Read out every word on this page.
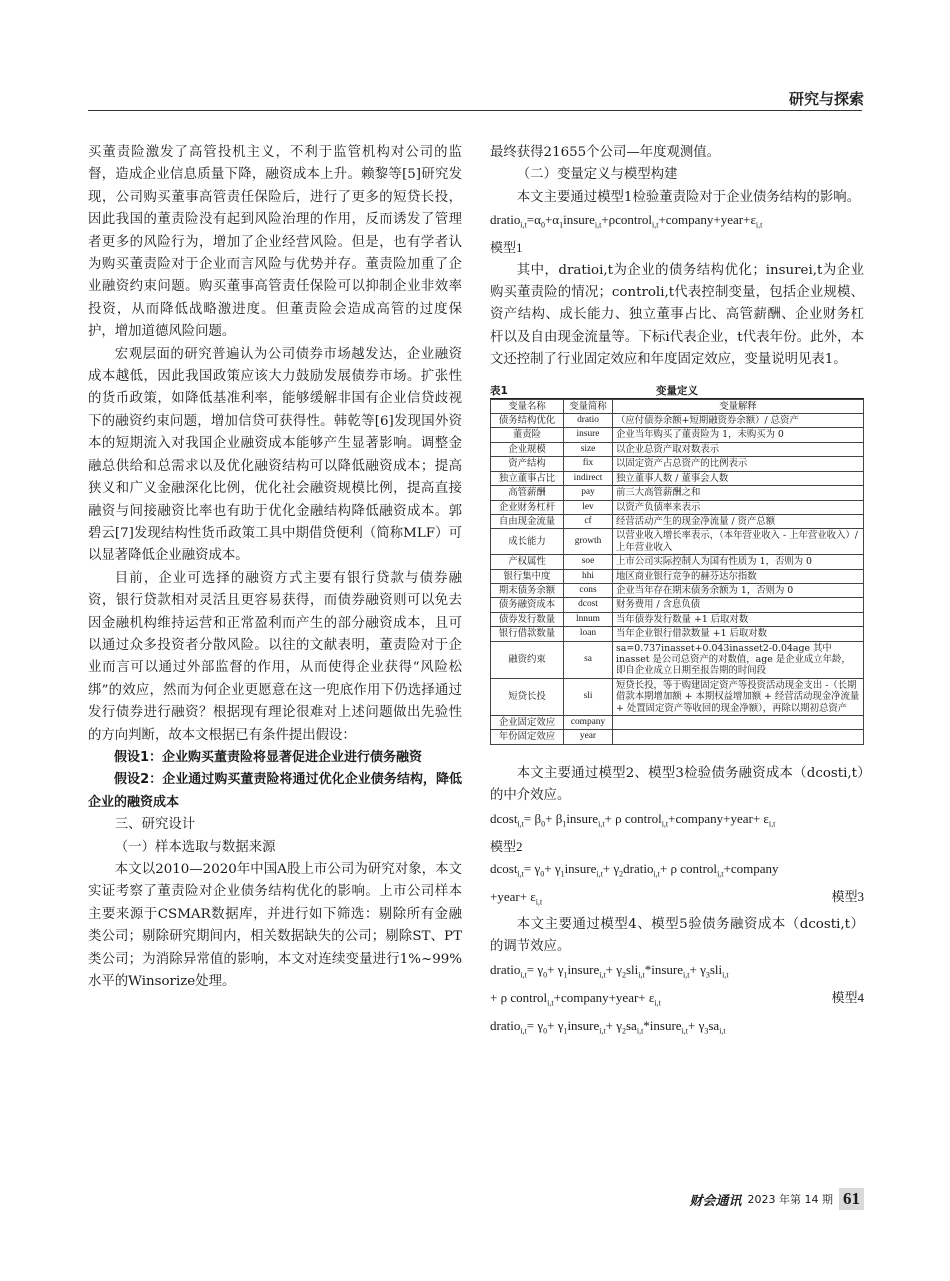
研究与探索

买董责险激发了高管投机主义，不利于监管机构对公司的监督，造成企业信息质量下降，融资成本上升。赖黎等[5]研究发现，公司购买董事高管责任保险后，进行了更多的短贷长投，因此我国的董责险没有起到风险治理的作用，反而诱发了管理者更多的风险行为，增加了企业经营风险。但是，也有学者认为购买董责险对于企业而言风险与优势并存。董责险加重了企业融资约束问题。购买董事高管责任保险可以抑制企业非效率投资，从而降低战略激进度。但董责险会造成高管的过度保护，增加道德风险问题。

宏观层面的研究普遍认为公司债券市场越发达，企业融资成本越低，因此我国政策应该大力鼓励发展债券市场。扩张性的货币政策，如降低基准利率，能够缓解非国有企业信贷歧视下的融资约束问题，增加信贷可获得性。韩乾等[6]发现国外资本的短期流入对我国企业融资成本能够产生显著影响。调整金融总供给和总需求以及优化融资结构可以降低融资成本；提高狭义和广义金融深化比例，优化社会融资规模比例，提高直接融资与间接融资比率也有助于优化金融结构降低融资成本。郭碧云[7]发现结构性货币政策工具中期借贷便利（简称MLF）可以显著降低企业融资成本。

目前，企业可选择的融资方式主要有银行贷款与债券融资，银行贷款相对灵活且更容易获得，而债券融资则可以免去因金融机构维持运营和正常盈利而产生的部分融资成本，且可以通过众多投资者分散风险。以往的文献表明，董责险对于企业而言可以通过外部监督的作用，从而使得企业获得“风险松绑”的效应，然而为何企业更愿意在这一兜底作用下仍选择通过发行债券进行融资？根据现有理论很难对上述问题做出先验性的方向判断，故本文根据已有条件提出假设：

假设1：企业购买董责险将显著促进企业进行债务融资

假设2：企业通过购买董责险将通过优化企业债务结构，降低企业的融资成本

三、研究设计

（一）样本选取与数据来源

本文以2010—2020年中国A股上市公司为研究对象，本文实证考察了董责险对企业债务结构优化的影响。上市公司样本主要来源于CSMAR数据库，并进行如下筛选：剔除所有金融类公司；剔除研究期间内，相关数据缺失的公司；剔除ST、PT类公司；为消除异常值的影响，本文对连续变量进行1%~99%水平的Winsorize处理。

最终获得21655个公司—年度观测值。

（二）变量定义与模型构建

本文主要通过模型1检验董责险对于企业债务结构的影响。

$dratio_{i,t}=\alpha_0+\alpha_1insure_{i,t}+\rho control_{i,t}+company+year+\varepsilon_{i,t}$

模型1

其中，dratioi,t为企业的债务结构优化；insurei,t为企业购买董责险的情况；controli,t代表控制变量，包括企业规模、资产结构、成长能力、独立董事占比、高管薪酬、企业财务杠杆以及自由现金流量等。下标i代表企业，t代表年份。此外，本文还控制了行业固定效应和年度固定效应，变量说明见表1。

表1	变量定义
变量名称	变量简称	变量解释
债务结构优化	dratio	（应付债券余额+短期融资券余额）/ 总资产
董责险	insure	企业当年购买了董责险为 1，未购买为 0
企业规模	size	以企业总资产取对数表示
资产结构	fix	以固定资产占总资产的比例表示
独立董事占比	indirect	独立董事人数 / 董事会人数
高管薪酬	pay	前三大高管薪酬之和
企业财务杠杆	lev	以资产负债率来表示
自由现金流量	cf	经营活动产生的现金净流量 / 资产总额
成长能力	growth	以营业收入增长率表示，（本年营业收入 - 上年营业收入）/ 上年营业收入
产权属性	soe	上市公司实际控制人为国有性质为 1，否则为 0
银行集中度	hhi	地区商业银行竞争的赫芬达尔指数
期末债务余额	cons	企业当年存在期末债务余额为 1，否则为 0
债务融资成本	dcost	财务费用 / 含息负债
债券发行数量	lnnum	当年债券发行数量 +1 后取对数
银行借款数量	loan	当年企业银行借款数量 +1 后取对数
融资约束	sa	sa=0.737inasset+0.043inasset2-0.04age 其中 inasset 是公司总资产的对数值，age 是企业成立年龄，即自企业成立日期至报告期的时间段
短贷长投	sli	短贷长投，等于购建固定资产等投资活动现金支出 -（长期借款本期增加额 + 本期权益增加额 + 经营活动现金净流量 + 处置固定资产等收回的现金净额），再除以期初总资产
企业固定效应	company	
年份固定效应	year	

本文主要通过模型2、模型3检验债务融资成本（dcosti,t）的中介效应。

$dcost_{i,t}= \beta_0+$ $\beta_1insure_{i,t}+ \rho$ control$_{i,t}$+company+year+ $\varepsilon_{i,t}$

模型2

$dcost_{i,t}= \gamma_0+$ $\gamma_1insure_{i,t}+$ $\gamma_2dratio_{i,t}+ \rho$ control$_{i,t}$+company

+year+ $\varepsilon_{i,t}$	模型3

本文主要通过模型4、模型5验债务融资成本（dcosti,t）的调节效应。

dratio$_{i,t}$= $\gamma_0+$ $\gamma_1insure_{i,t}+$ $\gamma_2sli_{i,t}*insure_{i,t}+ \gamma_3sli_{i,t}$

+ ρ control$_{i,t}$+company+year+ $\varepsilon_{i,t}$	模型4

dratio$_{i,t}$= $\gamma_0+$ $\gamma_1insure_{i,t}+$ $\gamma_2sa_{i,t}*insure_{i,t}+ \gamma_3sa_{i,t}$

财会通讯 2023 年第 14 期 61
